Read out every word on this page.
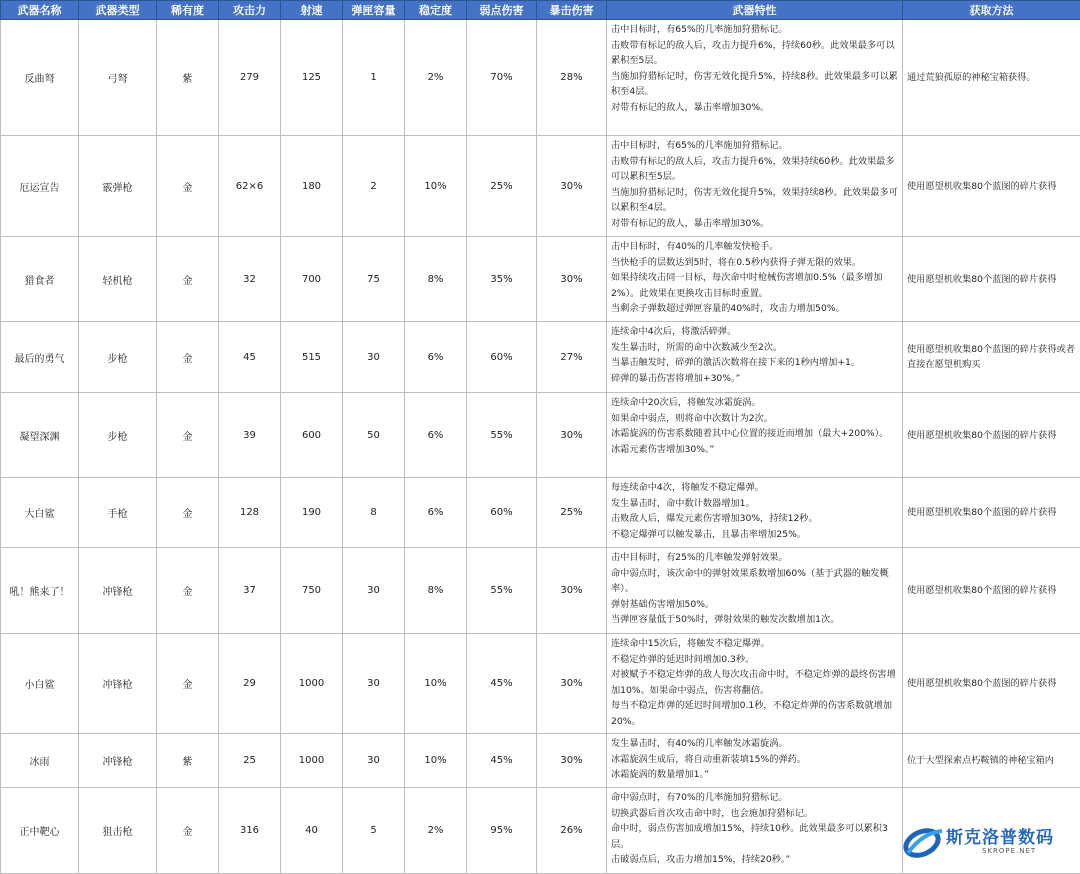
武器名称	武器类型	稀有度	攻击力	射速	弹匣容量	稳定度	弱点伤害	暴击伤害	武器特性	获取方法
反曲弩	弓弩	紫	279	125	1	2%	70%	28%	击中目标时，有65%的几率施加狩猎标记。
击败带有标记的敌人后，攻击力提升6%，持续60秒。此效果最多可以累积至5层。
当施加狩猎标记时，伤害无效化提升5%，持续8秒。此效果最多可以累积至4层。
对带有标记的敌人，暴击率增加30%。	通过荒狼孤原的神秘宝箱获得。
厄运宣告	霰弹枪	金	62×6	180	2	10%	25%	30%	击中目标时，有65%的几率施加狩猎标记。
击败带有标记的敌人后，攻击力提升6%，效果持续60秒。此效果最多可以累积至5层。
当施加狩猎标记时，伤害无效化提升5%，效果持续8秒。此效果最多可以累积至4层。
对带有标记的敌人，暴击率增加30%。	使用愿望机收集80个蓝图的碎片获得
猎食者	轻机枪	金	32	700	75	8%	35%	30%	击中目标时，有40%的几率触发快枪手。
当快枪手的层数达到5时，将在0.5秒内获得子弹无限的效果。
如果持续攻击同一目标，每次命中时枪械伤害增加0.5%（最多增加2%）。此效果在更换攻击目标时重置。
当剩余子弹数超过弹匣容量的40%时，攻击力增加50%。	使用愿望机收集80个蓝图的碎片获得
最后的勇气	步枪	金	45	515	30	6%	60%	27%	连续命中4次后，将激活碎弹。
发生暴击时，所需的命中次数减少至2次。
当暴击触发时，碎弹的激活次数将在接下来的1秒内增加+1。
碎弹的暴击伤害将增加+30%。”	使用愿望机收集80个蓝图的碎片获得或者直接在愿望机购买
凝望深渊	步枪	金	39	600	50	6%	55%	30%	连续命中20次后，将触发冰霜旋涡。
如果命中弱点，则将命中次数计为2次。
冰霜旋涡的伤害系数随着其中心位置的接近而增加（最大+200%）。
冰霜元素伤害增加30%。”	使用愿望机收集80个蓝图的碎片获得
大白鲨	手枪	金	128	190	8	6%	60%	25%	每连续命中4次，将触发不稳定爆弹。
发生暴击时，命中数计数器增加1。
击败敌人后，爆发元素伤害增加30%，持续12秒。
不稳定爆弹可以触发暴击，且暴击率增加25%。	使用愿望机收集80个蓝图的碎片获得
吼！熊来了！	冲锋枪	金	37	750	30	8%	55%	30%	击中目标时，有25%的几率触发弹射效果。
命中弱点时，该次命中的弹射效果系数增加60%（基于武器的触发概率）。
弹射基础伤害增加50%。
当弹匣容量低于50%时，弹射效果的触发次数增加1次。	使用愿望机收集80个蓝图的碎片获得
小白鲨	冲锋枪	金	29	1000	30	10%	45%	30%	连续命中15次后，将触发不稳定爆弹。
不稳定炸弹的延迟时间增加0.3秒。
对被赋予不稳定炸弹的敌人每次攻击命中时，不稳定炸弹的最终伤害增加10%。如果命中弱点，伤害将翻倍。
每当不稳定炸弹的延迟时间增加0.1秒，不稳定炸弹的伤害系数就增加20%。	使用愿望机收集80个蓝图的碎片获得
冰雨	冲锋枪	紫	25	1000	30	10%	45%	30%	发生暴击时，有40%的几率触发冰霜旋涡。
冰霜旋涡生成后，将自动重新装填15%的弹药。
冰霜旋涡的数量增加1。”	位于大型探索点朽鞍镇的神秘宝箱内
正中靶心	狙击枪	金	316	40	5	2%	95%	26%	命中弱点时，有70%的几率施加狩猎标记。
切换武器后首次攻击命中时，也会施加狩猎标记。
命中时，弱点伤害加成增加15%，持续10秒。此效果最多可以累积3层。
击破弱点后，攻击力增加15%，持续20秒。”	

斯克洛普数码
SKROPE.NET
